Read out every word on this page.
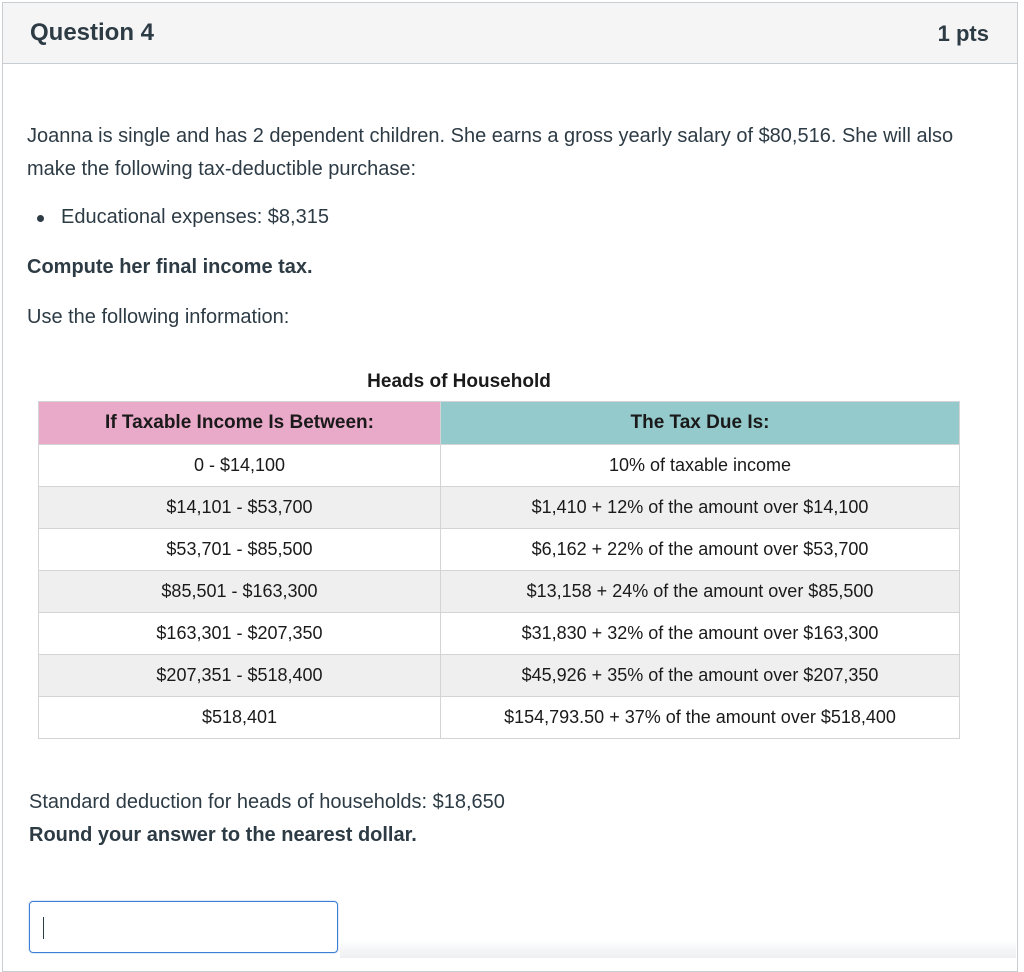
Question 4	1 pts

Joanna is single and has 2 dependent children. She earns a gross yearly salary of $80,516. She will also make the following tax-deductible purchase:

Educational expenses: $8,315

Compute her final income tax.

Use the following information:

Heads of Household
If Taxable Income Is Between:	The Tax Due Is:
0 - $14,100	10% of taxable income
$14,101 - $53,700	$1,410 + 12% of the amount over $14,100
$53,701 - $85,500	$6,162 + 22% of the amount over $53,700
$85,501 - $163,300	$13,158 + 24% of the amount over $85,500
$163,301 - $207,350	$31,830 + 32% of the amount over $163,300
$207,351 - $518,400	$45,926 + 35% of the amount over $207,350
$518,401	$154,793.50 + 37% of the amount over $518,400

Standard deduction for heads of households: $18,650

Round your answer to the nearest dollar.
